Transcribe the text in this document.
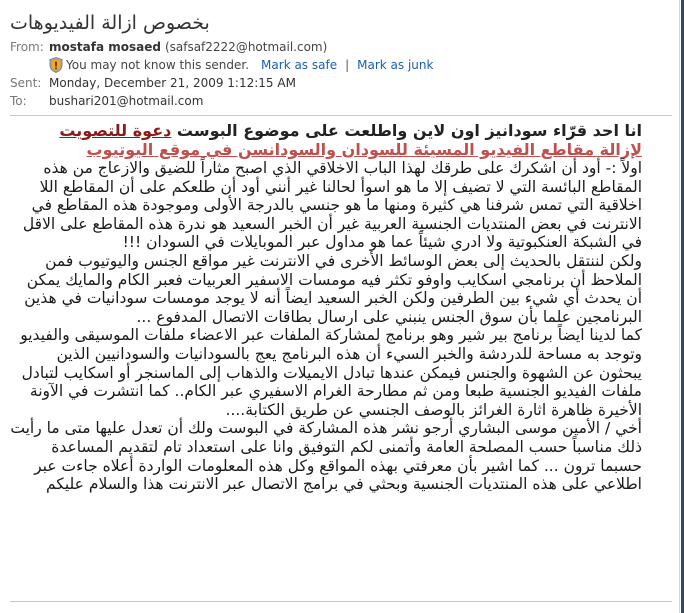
بخصوص ازالة الفيديوهات
From: mostafa mosaed (safsaf2222@hotmail.com)
You may not know this sender. Mark as safe | Mark as junk
Sent: Monday, December 21, 2009 1:12:15 AM
To:	bushari201@hotmail.com
انا احد قرّاء سودانيز اون لاين واطلعت على موضوع البوست دعوة للتصويت
لإزالة مقاطع الفيديو المسيئة للسودان والسودانسن في موقع اليوتيوب

اولاً :- أود أن اشكرك على طرقك لهذا الباب الاخلاقي الذي اصبح مثاراً للضيق والازعاج من هذه المقاطع البائسة التي لا تضيف إلا ما هو اسوأ لحالنا غير أنني أود أن طلعكم على أن المقاطع اللا اخلاقية التي تمس شرفنا هي كثيرة ومنها ما هو جنسي بالدرجة الأولى وموجودة هذه المقاطع في الانترنت في بعض المنتديات الجنسية العربية غير أن الخبر السعيد هو ندرة هذه المقاطع على الاقل في الشبكة العنكبوتية ولا ادري شيئاً عما هو مداول عبر الموبايلات في السودان !!!

ولكن لننتقل بالحديث إلى بعض الوسائط الأخرى في الانترنت غير مواقع الجنس واليوتيوب فمن الملاحظ أن برنامجي اسكايب واوفو تكثر فيه مومسات الاسفير العربيات فعبر الكام والمايك يمكن أن يحدث أي شيء بين الطرفين ولكن الخبر السعيد ايضاً أنه لا يوجد مومسات سودانيات في هذين البرنامجين علما بأن سوق الجنس ينبني على ارسال بطاقات الاتصال المدفوع ...

كما لدينا ايضاً برنامج بير شير وهو برنامج لمشاركة الملفات عبر الاعضاء ملفات الموسيقى والفيديو وتوجد به مساحة للدردشة والخبر السيء أن هذه البرنامج يعج بالسودانيات والسودانيين الذين يبحثون عن الشهوة والجنس فيمكن عندها تبادل الايميلات والذهاب إلى الماسنجر أو اسكايب لتبادل ملفات الفيديو الجنسية طبعا ومن ثم مطارحة الغرام الاسفيري عبر الكام.. كما انتشرت في الآونة الأخيرة ظاهرة اثارة الغرائز بالوصف الجنسي عن طريق الكتابة....

أخي / الأمين موسى البشاري أرجو نشر هذه المشاركة في البوست ولك أن تعدل عليها متى ما رأيت ذلك مناسباً حسب المصلحة العامة وأتمنى لكم التوفيق وانا على استعداد تام لتقديم المساعدة حسبما ترون ... كما اشير بأن معرفتي بهذه المواقع وكل هذه المعلومات الواردة أعلاه جاءت عبر اطلاعي على هذه المنتديات الجنسية وبحثي في برامج الاتصال عبر الانترنت هذا والسلام عليكم
